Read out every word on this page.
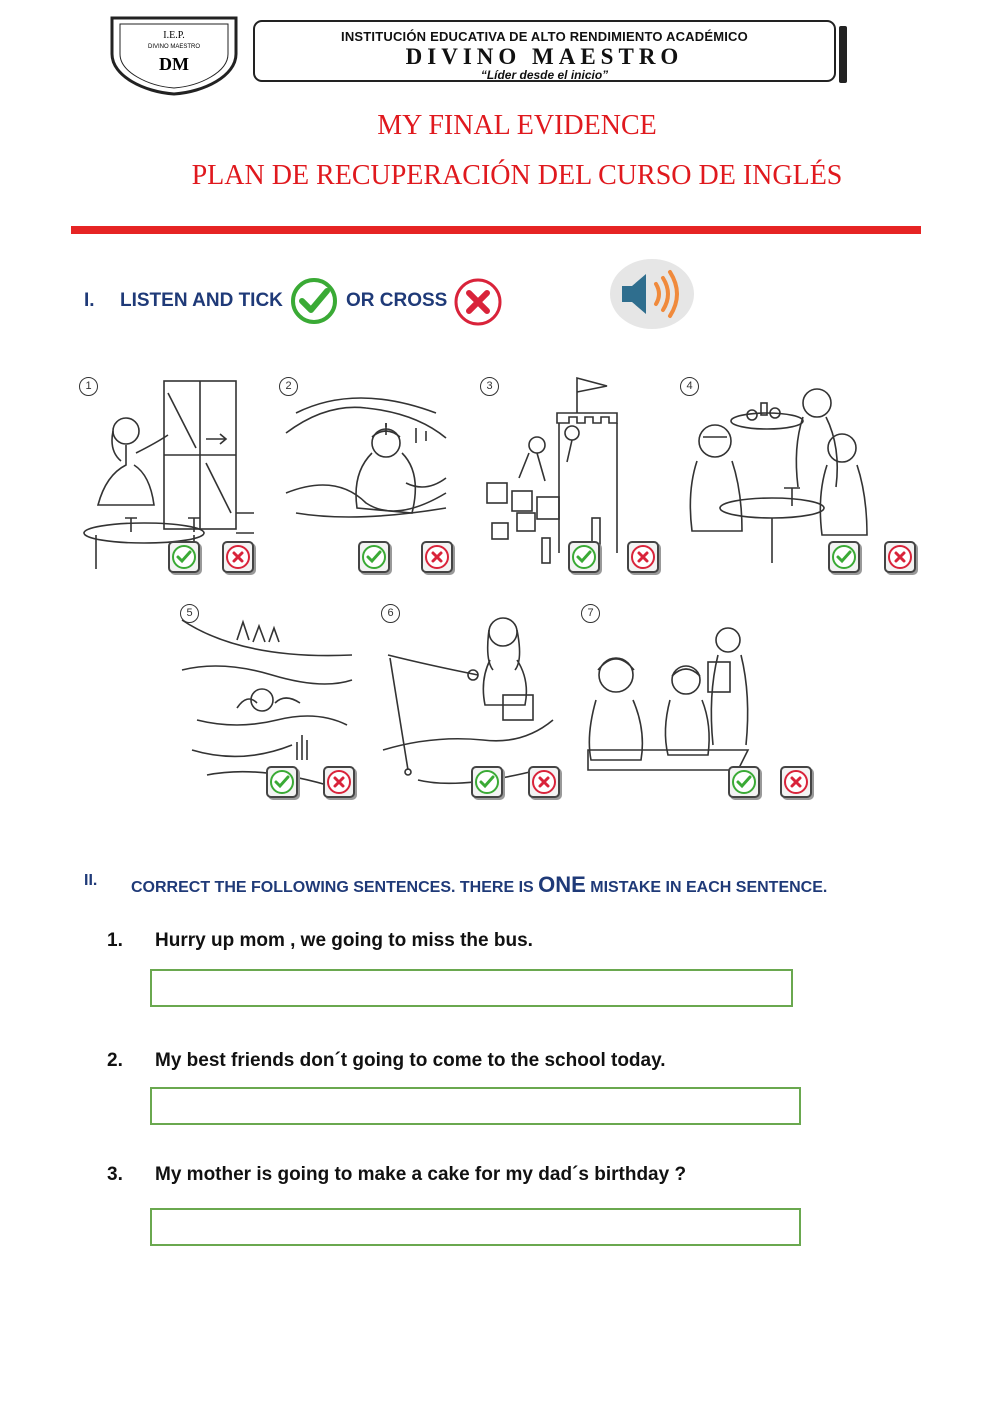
I.E.P.
DIVINO MAESTRO
DM
INSTITUCIÓN EDUCATIVA DE ALTO RENDIMIENTO ACADÉMICO
DIVINO MAESTRO
“Líder desde el inicio”
MY FINAL EVIDENCE
PLAN DE RECUPERACIÓN DEL CURSO DE INGLÉS
I. LISTEN AND TICK	OR CROSS
1	2	3	4
5	6	7
II. CORRECT THE FOLLOWING SENTENCES. THERE IS ONE MISTAKE IN EACH SENTENCE.
1. Hurry up mom , we going to miss the bus.
2. My best friends don´t going to come to the school today.
3. My mother is going to make a cake for my dad´s birthday ?
